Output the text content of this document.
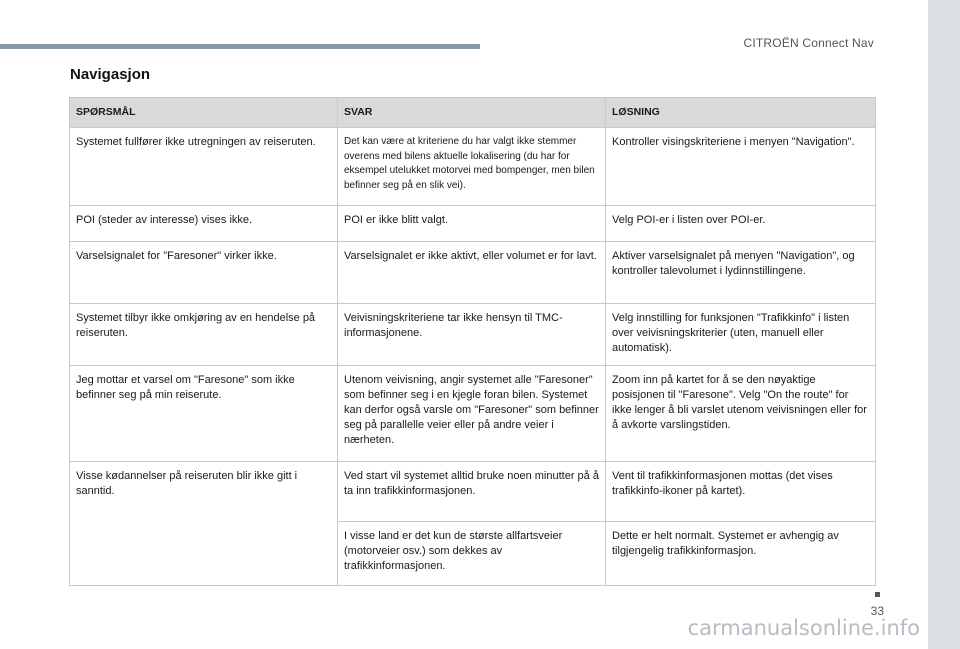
CITROËN Connect Nav
Navigasjon
SPØRSMÅL	SVAR	LØSNING
Systemet fullfører ikke utregningen av reiseruten.	Det kan være at kriteriene du har valgt ikke stemmer overens med bilens aktuelle lokalisering (du har for eksempel utelukket motorvei med bompenger, men bilen befinner seg på en slik vei).	Kontroller visingskriteriene i menyen "Navigation".
POI (steder av interesse) vises ikke.	POI er ikke blitt valgt.	Velg POI-er i listen over POI-er.
Varselsignalet for "Faresoner" virker ikke.	Varselsignalet er ikke aktivt, eller volumet er for lavt.	Aktiver varselsignalet på menyen "Navigation", og kontroller talevolumet i lydinnstillingene.
Systemet tilbyr ikke omkjøring av en hendelse på reiseruten.	Veivisningskriteriene tar ikke hensyn til TMC-informasjonene.	Velg innstilling for funksjonen "Trafikkinfo" i listen over veivisningskriterier (uten, manuell eller automatisk).
Jeg mottar et varsel om "Faresone" som ikke befinner seg på min reiserute.	Utenom veivisning, angir systemet alle "Faresoner" som befinner seg i en kjegle foran bilen. Systemet kan derfor også varsle om "Faresoner" som befinner seg på parallelle veier eller på andre veier i nærheten.	Zoom inn på kartet for å se den nøyaktige posisjonen til "Faresone". Velg "On the route" for ikke lenger å bli varslet utenom veivisningen eller for å avkorte varslingstiden.
Visse kødannelser på reiseruten blir ikke gitt i sanntid.	Ved start vil systemet alltid bruke noen minutter på å ta inn trafikkinformasjonen.	Vent til trafikkinformasjonen mottas (det vises trafikkinfo-ikoner på kartet).
	I visse land er det kun de største allfartsveier (motorveier osv.) som dekkes av trafikkinformasjonen.	Dette er helt normalt. Systemet er avhengig av tilgjengelig trafikkinformasjon.
33
carmanualsonline.info
